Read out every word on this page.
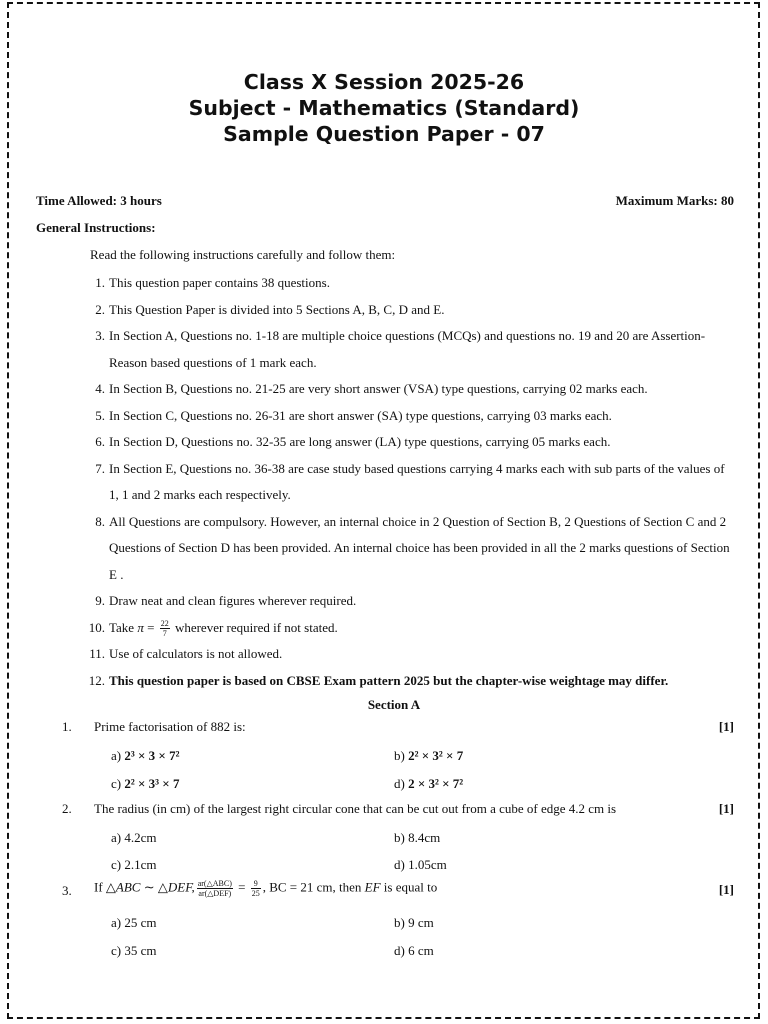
Class X Session 2025-26
Subject - Mathematics (Standard)
Sample Question Paper - 07
Time Allowed: 3 hours	Maximum Marks: 80
General Instructions:
Read the following instructions carefully and follow them:
1. This question paper contains 38 questions.
2. This Question Paper is divided into 5 Sections A, B, C, D and E.
3. In Section A, Questions no. 1-18 are multiple choice questions (MCQs) and questions no. 19 and 20 are Assertion-Reason based questions of 1 mark each.
4. In Section B, Questions no. 21-25 are very short answer (VSA) type questions, carrying 02 marks each.
5. In Section C, Questions no. 26-31 are short answer (SA) type questions, carrying 03 marks each.
6. In Section D, Questions no. 32-35 are long answer (LA) type questions, carrying 05 marks each.
7. In Section E, Questions no. 36-38 are case study based questions carrying 4 marks each with sub parts of the values of 1, 1 and 2 marks each respectively.
8. All Questions are compulsory. However, an internal choice in 2 Question of Section B, 2 Questions of Section C and 2 Questions of Section D has been provided. An internal choice has been provided in all the 2 marks questions of Section E .
9. Draw neat and clean figures wherever required.
10. Take $\pi = \frac{22}{7}$ wherever required if not stated.
11. Use of calculators is not allowed.
12. This question paper is based on CBSE Exam pattern 2025 but the chapter-wise weightage may differ.
Section A
1. Prime factorisation of 882 is:	[1]
a) 2³ × 3 × 7²	b) 2² × 3² × 7
c) 2² × 3³ × 7	d) 2 × 3² × 7²
2. The radius (in cm) of the largest right circular cone that can be cut out from a cube of edge 4.2 cm is	[1]
a) 4.2cm	b) 8.4cm
c) 2.1cm	d) 1.05cm
3. If △ABC ∼ △DEF, $\frac{\text{ar(△ABC)}}{\text{ar(△DEF)}} = \frac{9}{25}$ , BC = 21 cm, then EF is equal to	[1]
a) 25 cm	b) 9 cm
c) 35 cm	d) 6 cm
